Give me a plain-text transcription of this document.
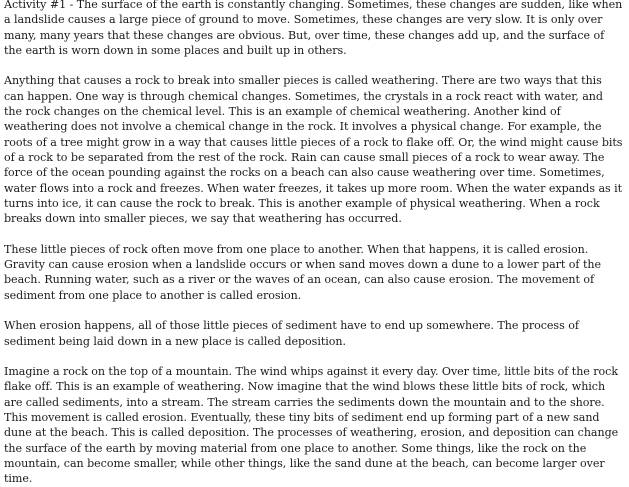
Activity #1 - The surface of the earth is constantly changing. Sometimes, these changes are sudden, like when a landslide causes a large piece of ground to move. Sometimes, these changes are very slow. It is only over many, many years that these changes are obvious. But, over time, these changes add up, and the surface of the earth is worn down in some places and built up in others.

Anything that causes a rock to break into smaller pieces is called weathering. There are two ways that this can happen. One way is through chemical changes. Sometimes, the crystals in a rock react with water, and the rock changes on the chemical level. This is an example of chemical weathering. Another kind of weathering does not involve a chemical change in the rock. It involves a physical change. For example, the roots of a tree might grow in a way that causes little pieces of a rock to flake off. Or, the wind might cause bits of a rock to be separated from the rest of the rock. Rain can cause small pieces of a rock to wear away. The force of the ocean pounding against the rocks on a beach can also cause weathering over time. Sometimes, water flows into a rock and freezes. When water freezes, it takes up more room. When the water expands as it turns into ice, it can cause the rock to break. This is another example of physical weathering. When a rock breaks down into smaller pieces, we say that weathering has occurred.

These little pieces of rock often move from one place to another. When that happens, it is called erosion. Gravity can cause erosion when a landslide occurs or when sand moves down a dune to a lower part of the beach. Running water, such as a river or the waves of an ocean, can also cause erosion. The movement of sediment from one place to another is called erosion.

When erosion happens, all of those little pieces of sediment have to end up somewhere. The process of sediment being laid down in a new place is called deposition.

Imagine a rock on the top of a mountain. The wind whips against it every day. Over time, little bits of the rock flake off. This is an example of weathering. Now imagine that the wind blows these little bits of rock, which are called sediments, into a stream. The stream carries the sediments down the mountain and to the shore. This movement is called erosion. Eventually, these tiny bits of sediment end up forming part of a new sand dune at the beach. This is called deposition. The processes of weathering, erosion, and deposition can change the surface of the earth by moving material from one place to another. Some things, like the rock on the mountain, can become smaller, while other things, like the sand dune at the beach, can become larger over time.
